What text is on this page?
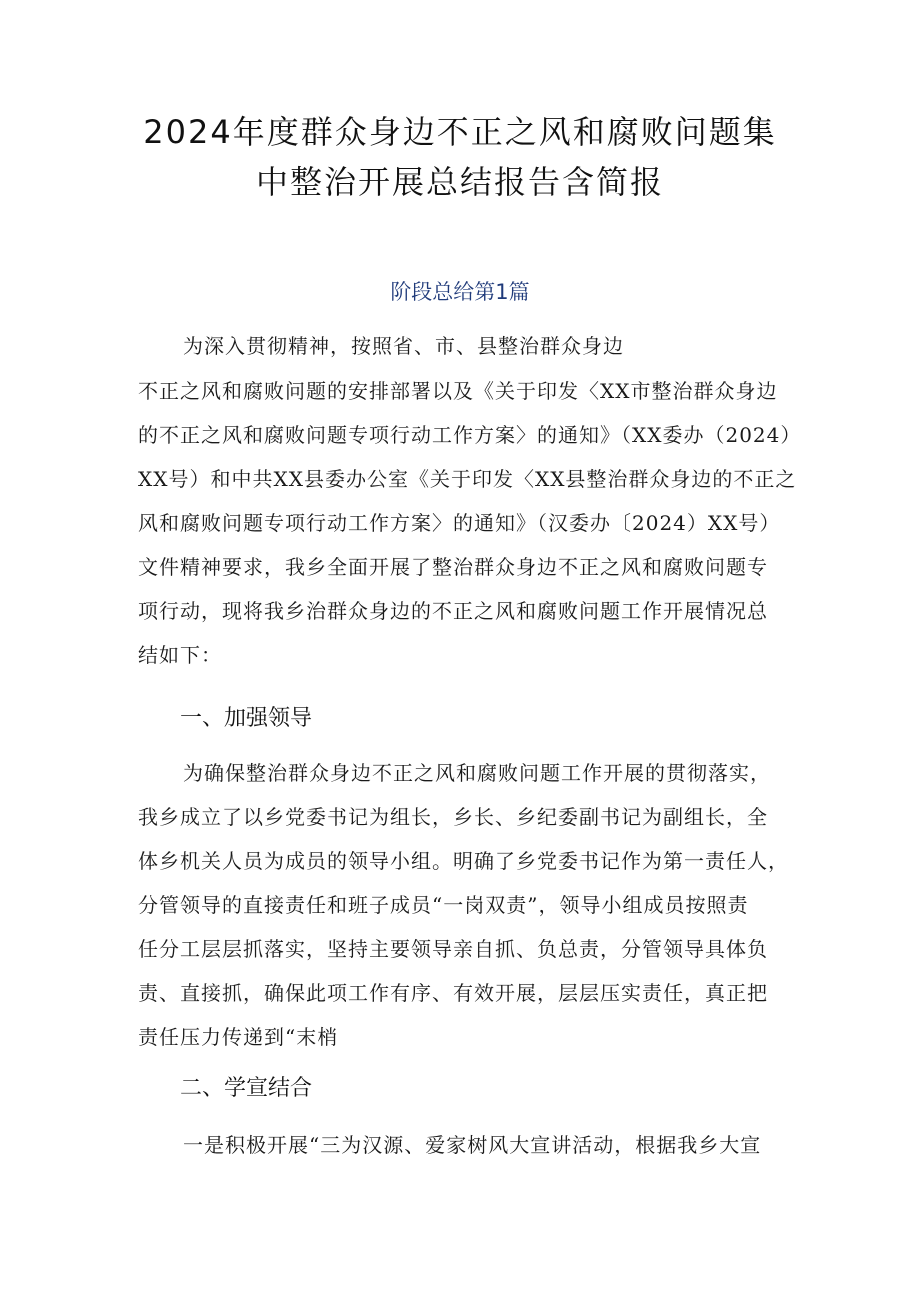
2024年度群众身边不正之风和腐败问题集
中整治开展总结报告含简报
阶段总给第1篇
为深入贯彻精神，按照省、市、县整治群众身边
不正之风和腐败问题的安排部署以及《关于印发〈XX市整治群众身边
的不正之风和腐败问题专项行动工作方案〉的通知》（XX委办（2024）
XX号）和中共XX县委办公室《关于印发〈XX县整治群众身边的不正之
风和腐败问题专项行动工作方案〉的通知》（汉委办〔2024）XX号）
文件精神要求，我乡全面开展了整治群众身边不正之风和腐败问题专
项行动，现将我乡治群众身边的不正之风和腐败问题工作开展情况总
结如下：
一、加强领导
为确保整治群众身边不正之风和腐败问题工作开展的贯彻落实，
我乡成立了以乡党委书记为组长，乡长、乡纪委副书记为副组长，全
体乡机关人员为成员的领导小组。明确了乡党委书记作为第一责任人，
分管领导的直接责任和班子成员“一岗双责”，领导小组成员按照责
任分工层层抓落实，坚持主要领导亲自抓、负总责，分管领导具体负
责、直接抓，确保此项工作有序、有效开展，层层压实责任，真正把
责任压力传递到“末梢
二、学宣结合
一是积极开展“三为汉源、爱家树风大宣讲活动，根据我乡大宣
